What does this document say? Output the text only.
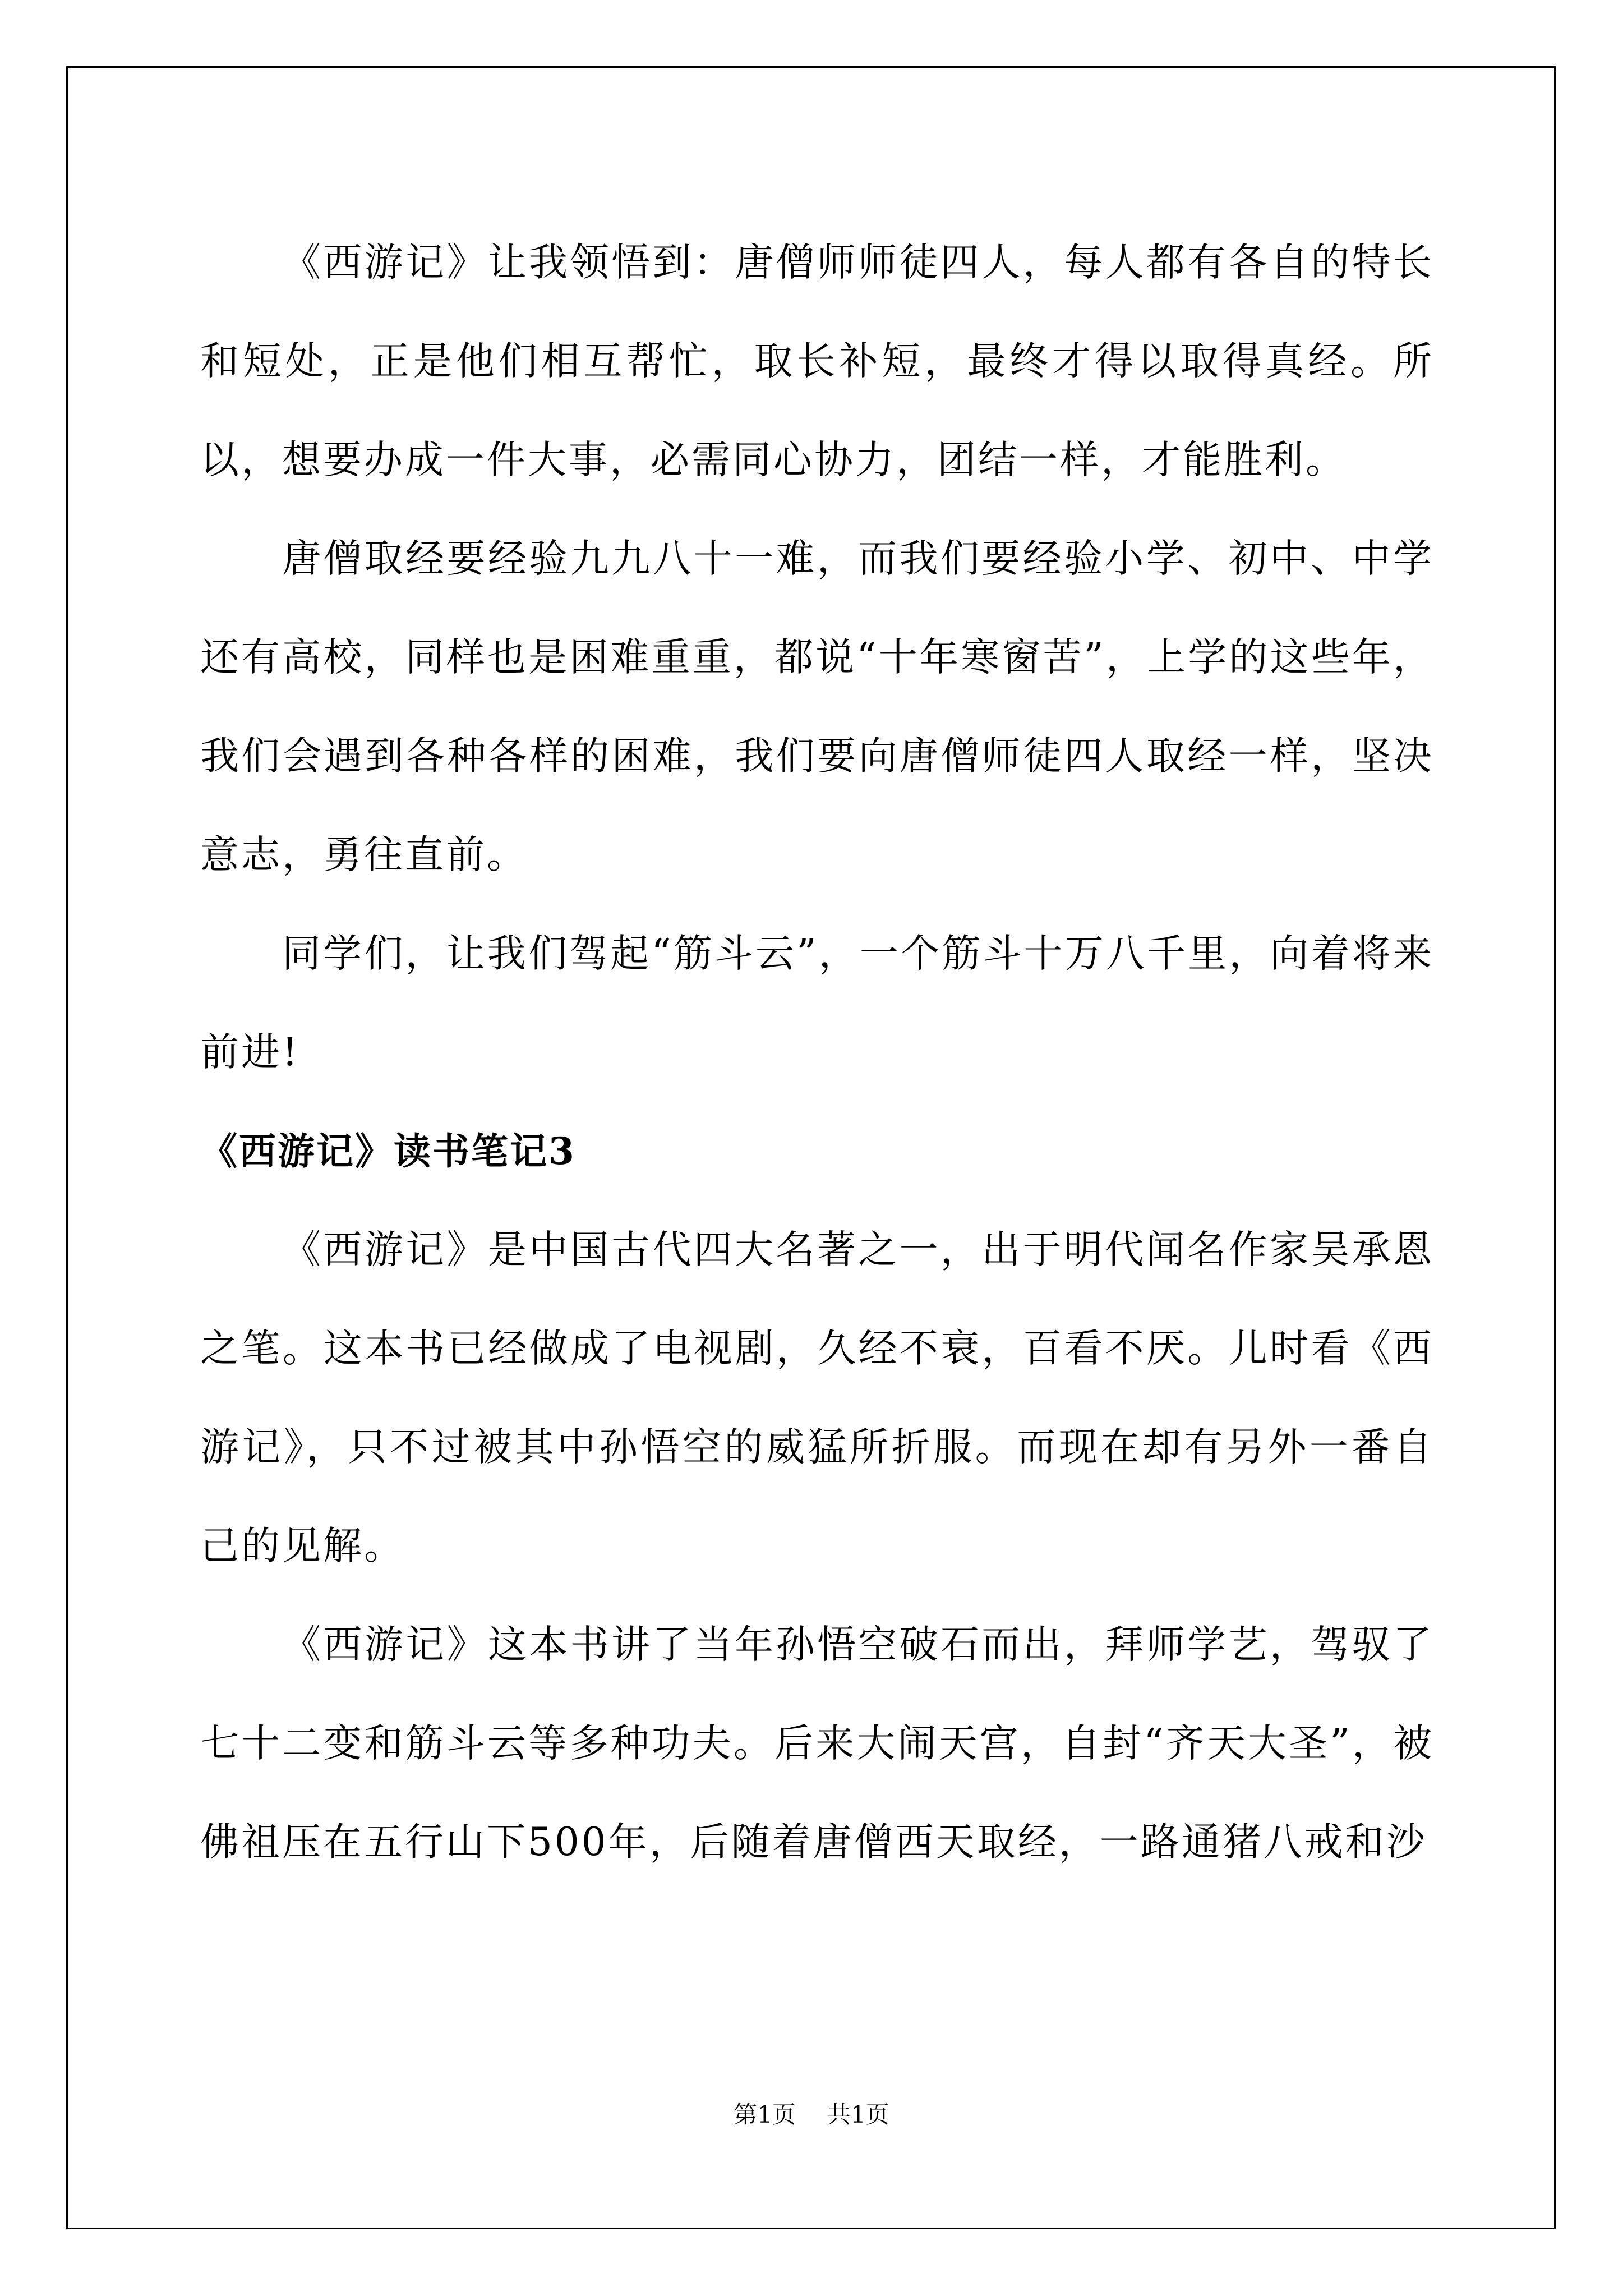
《西游记》让我领悟到：唐僧师师徒四人，每人都有各自的特长和短处，正是他们相互帮忙，取长补短，最终才得以取得真经。所以，想要办成一件大事，必需同心协力，团结一样，才能胜利。

唐僧取经要经验九九八十一难，而我们要经验小学、初中、中学还有高校，同样也是困难重重，都说“十年寒窗苦”，上学的这些年，我们会遇到各种各样的困难，我们要向唐僧师徒四人取经一样，坚决意志，勇往直前。

同学们，让我们驾起“筋斗云”，一个筋斗十万八千里，向着将来前进!

《西游记》读书笔记3

《西游记》是中国古代四大名著之一，出于明代闻名作家吴承恩之笔。这本书已经做成了电视剧，久经不衰，百看不厌。儿时看《西游记》，只不过被其中孙悟空的威猛所折服。而现在却有另外一番自己的见解。

《西游记》这本书讲了当年孙悟空破石而出，拜师学艺，驾驭了七十二变和筋斗云等多种功夫。后来大闹天宫，自封“齐天大圣”，被佛祖压在五行山下500年，后随着唐僧西天取经，一路通猪八戒和沙

第1页 共1页
